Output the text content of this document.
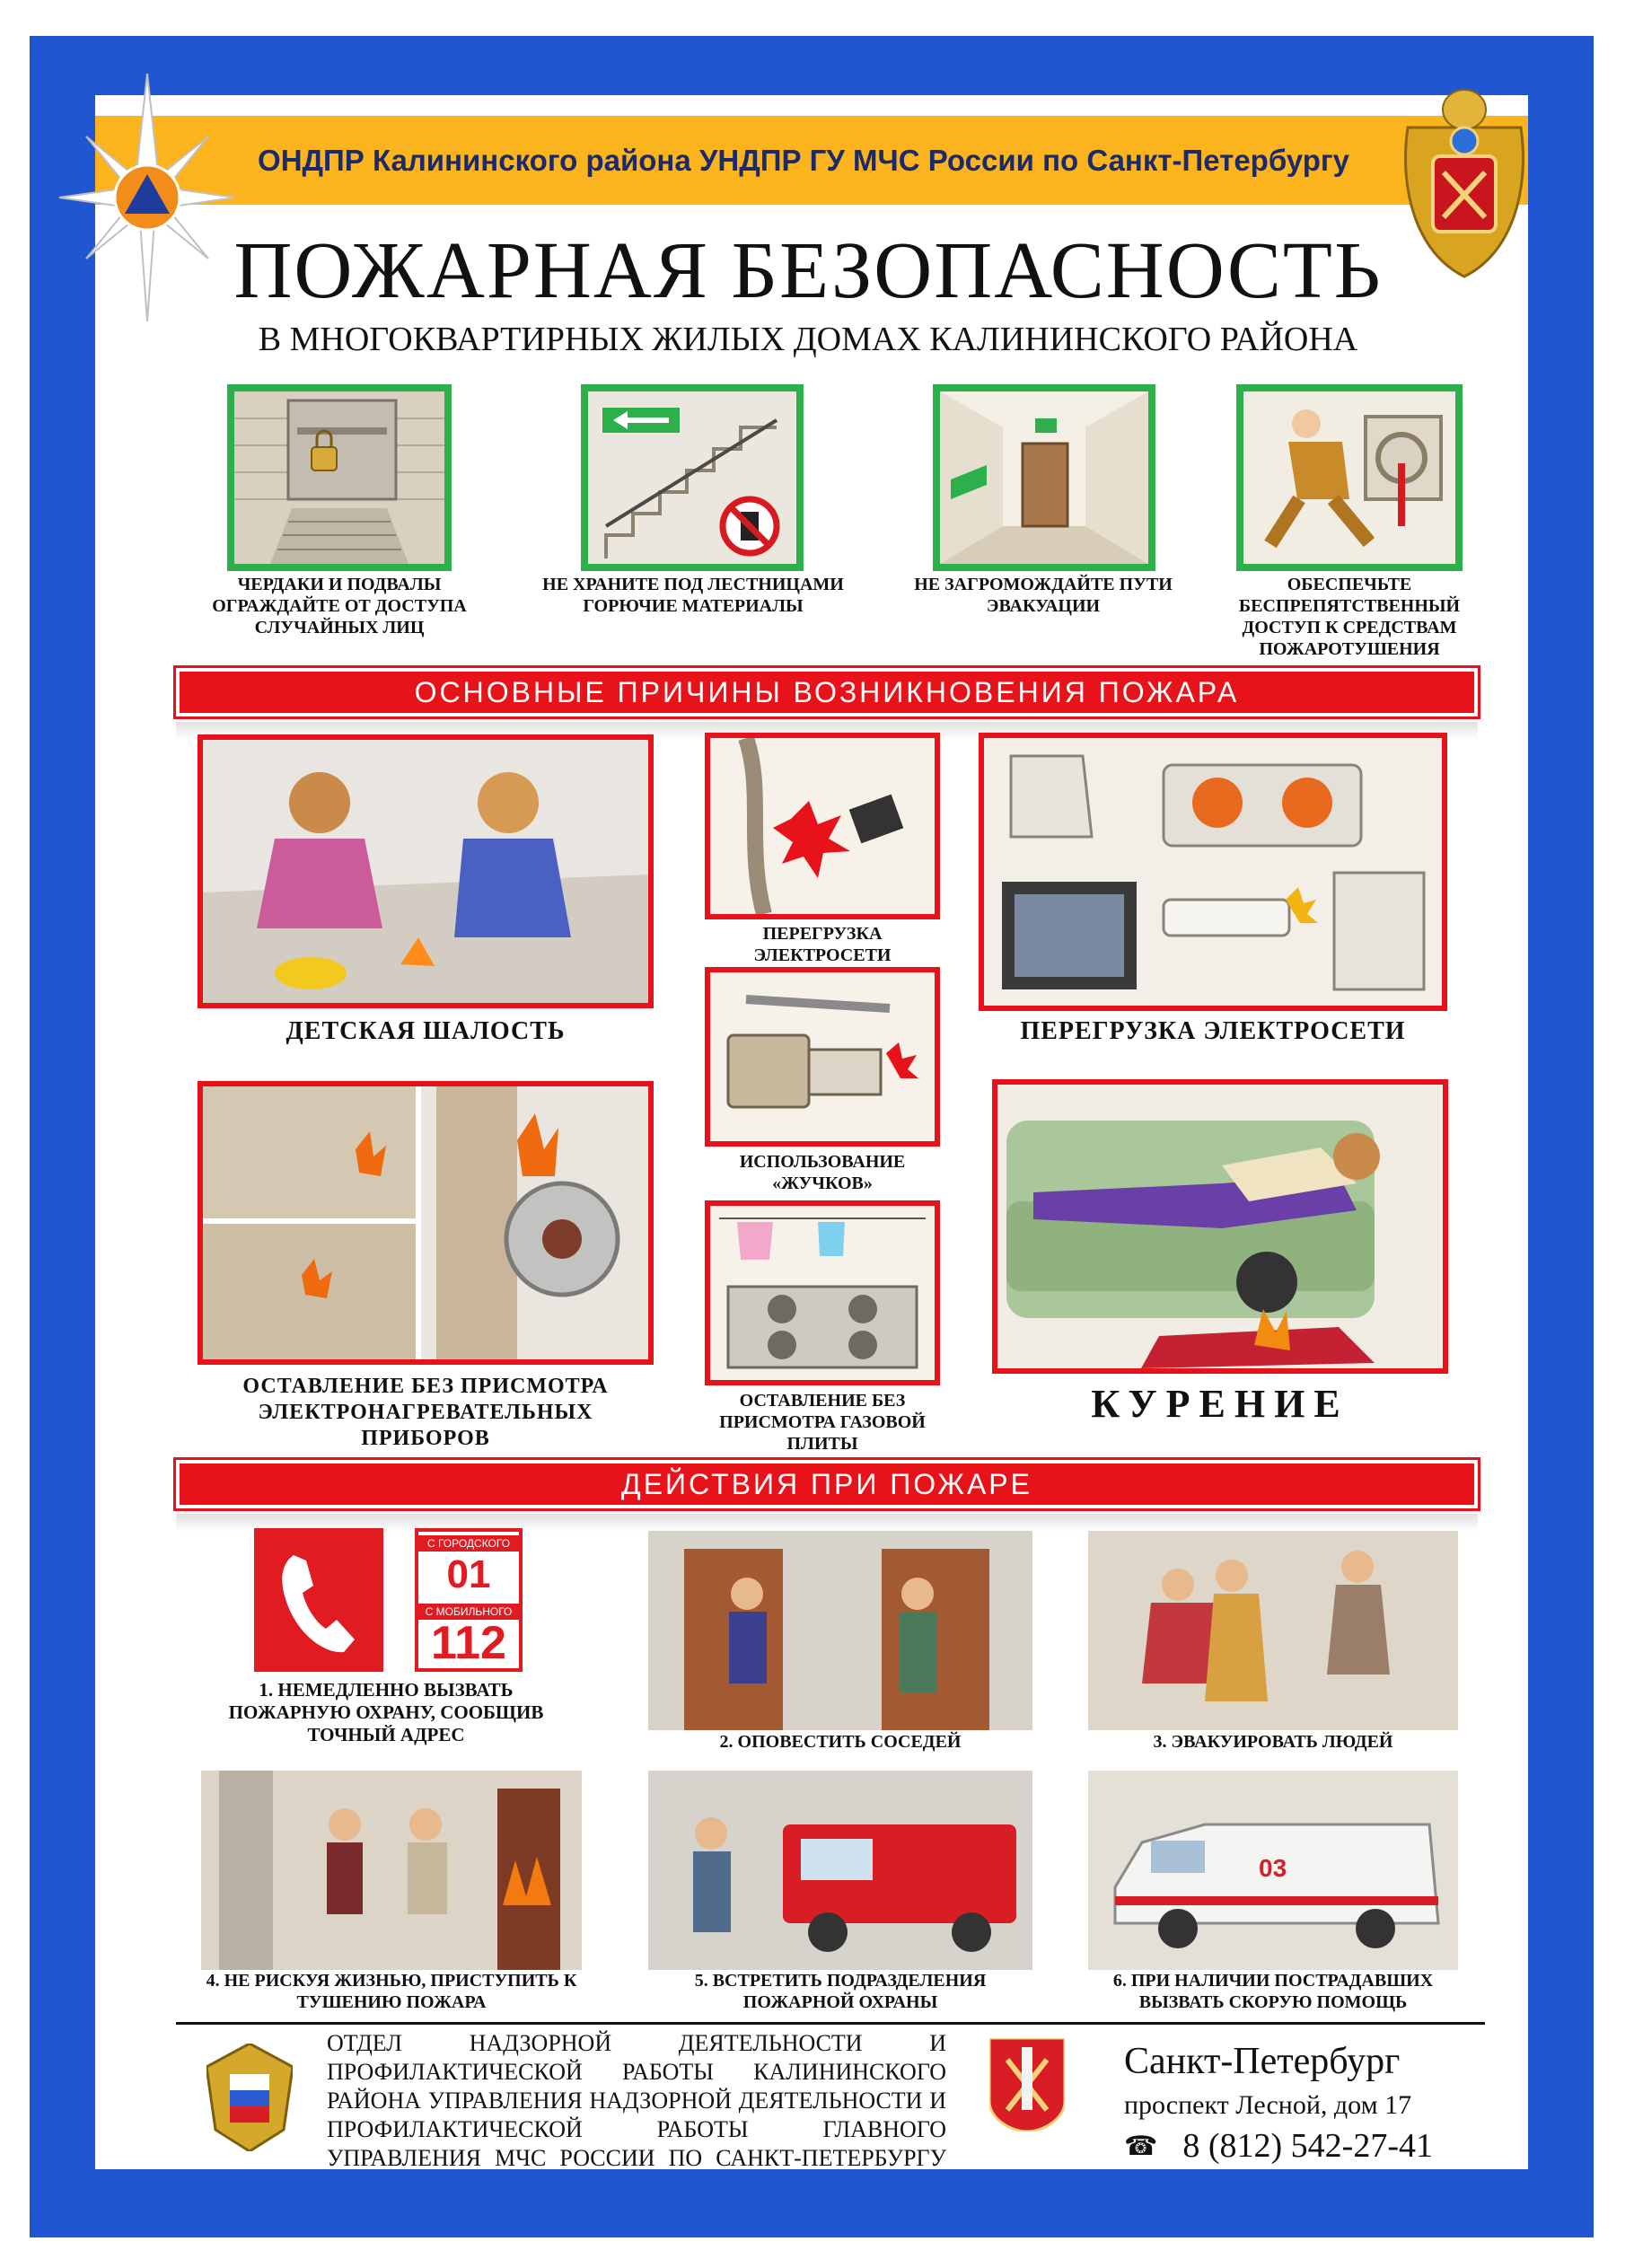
ОНДПР Калининского района УНДПР ГУ МЧС России по Санкт-Петербургу
ПОЖАРНАЯ БЕЗОПАСНОСТЬ
В МНОГОКВАРТИРНЫХ ЖИЛЫХ ДОМАХ КАЛИНИНСКОГО РАЙОНА
ЧЕРДАКИ И ПОДВАЛЫ ОГРАЖДАЙТЕ ОТ ДОСТУПА СЛУЧАЙНЫХ ЛИЦ
НЕ ХРАНИТЕ ПОД ЛЕСТНИЦАМИ ГОРЮЧИЕ МАТЕРИАЛЫ
НЕ ЗАГРОМОЖДАЙТЕ ПУТИ ЭВАКУАЦИИ
ОБЕСПЕЧЬТЕ БЕСПРЕПЯТСТВЕННЫЙ ДОСТУП К СРЕДСТВАМ ПОЖАРОТУШЕНИЯ
ОСНОВНЫЕ ПРИЧИНЫ ВОЗНИКНОВЕНИЯ ПОЖАРА
ДЕТСКАЯ ШАЛОСТЬ
ПЕРЕГРУЗКА ЭЛЕКТРОСЕТИ
ПЕРЕГРУЗКА ЭЛЕКТРОСЕТИ
ИСПОЛЬЗОВАНИЕ «ЖУЧКОВ»
ОСТАВЛЕНИЕ БЕЗ ПРИСМОТРА ЭЛЕКТРОНАГРЕВАТЕЛЬНЫХ ПРИБОРОВ
ОСТАВЛЕНИЕ БЕЗ ПРИСМОТРА ГАЗОВОЙ ПЛИТЫ
КУРЕНИЕ
ДЕЙСТВИЯ ПРИ ПОЖАРЕ
С ГОРОДСКОГО
01
С МОБИЛЬНОГО
112
1. НЕМЕДЛЕННО ВЫЗВАТЬ ПОЖАРНУЮ ОХРАНУ, СООБЩИВ ТОЧНЫЙ АДРЕС	2. ОПОВЕСТИТЬ СОСЕДЕЙ	3. ЭВАКУИРОВАТЬ ЛЮДЕЙ
4. НЕ РИСКУЯ ЖИЗНЬЮ, ПРИСТУПИТЬ К ТУШЕНИЮ ПОЖАРА
5. ВСТРЕТИТЬ ПОДРАЗДЕЛЕНИЯ ПОЖАРНОЙ ОХРАНЫ
03
6. ПРИ НАЛИЧИИ ПОСТРАДАВШИХ ВЫЗВАТЬ СКОРУЮ ПОМОЩЬ
ОТДЕЛ НАДЗОРНОЙ ДЕЯТЕЛЬНОСТИ И ПРОФИЛАКТИЧЕСКОЙ РАБОТЫ КАЛИНИНСКОГО РАЙОНА УПРАВЛЕНИЯ НАДЗОРНОЙ ДЕЯТЕЛЬНОСТИ И ПРОФИЛАКТИЧЕСКОЙ РАБОТЫ ГЛАВНОГО УПРАВЛЕНИЯ МЧС РОССИИ ПО САНКТ-ПЕТЕРБУРГУ
Санкт-Петербург
проспект Лесной, дом 17
☎ 8 (812) 542-27-41
